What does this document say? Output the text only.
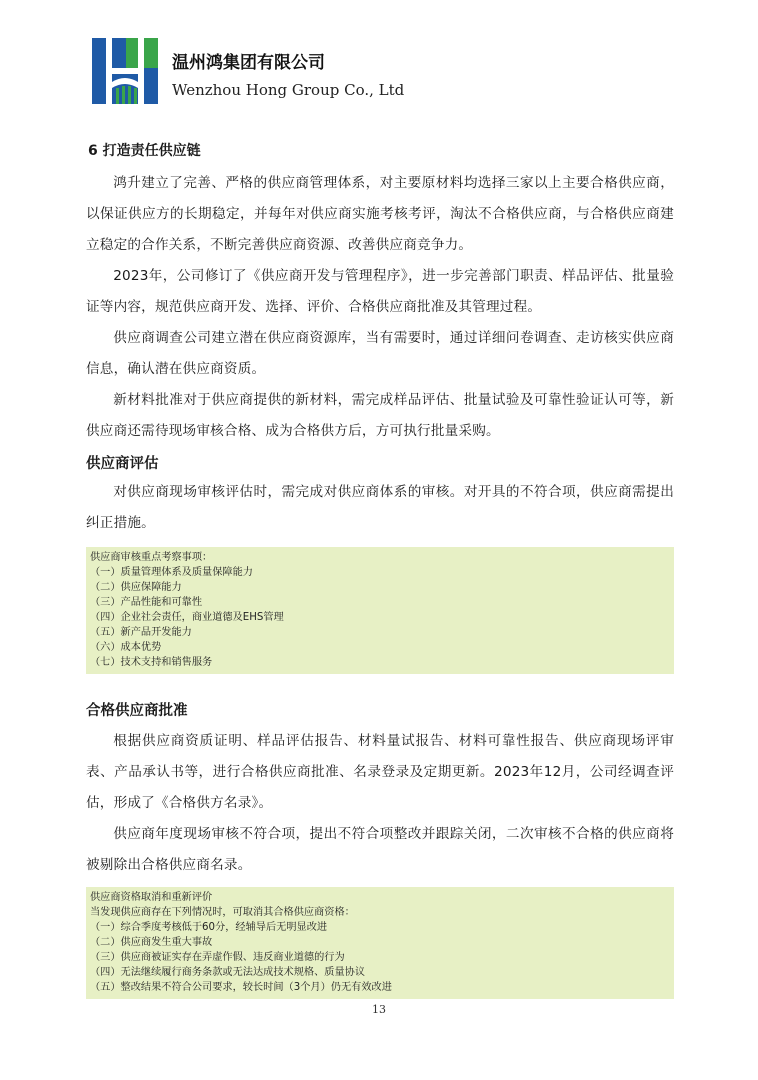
温州鸿集团有限公司
Wenzhou Hong Group Co., Ltd
6 打造责任供应链

鸿升建立了完善、严格的供应商管理体系，对主要原材料均选择三家以上主要合格供应商，以保证供应方的长期稳定，并每年对供应商实施考核考评，淘汰不合格供应商，与合格供应商建立稳定的合作关系，不断完善供应商资源、改善供应商竞争力。

2023年，公司修订了《供应商开发与管理程序》，进一步完善部门职责、样品评估、批量验证等内容，规范供应商开发、选择、评价、合格供应商批准及其管理过程。

供应商调查公司建立潜在供应商资源库，当有需要时，通过详细问卷调查、走访核实供应商信息，确认潜在供应商资质。

新材料批准对于供应商提供的新材料，需完成样品评估、批量试验及可靠性验证认可等，新供应商还需待现场审核合格、成为合格供方后，方可执行批量采购。

供应商评估

对供应商现场审核评估时，需完成对供应商体系的审核。对开具的不符合项，供应商需提出纠正措施。

供应商审核重点考察事项：
（一）质量管理体系及质量保障能力
（二）供应保障能力
（三）产品性能和可靠性
（四）企业社会责任，商业道德及EHS管理
（五）新产品开发能力
（六）成本优势
（七）技术支持和销售服务
合格供应商批准

根据供应商资质证明、样品评估报告、材料量试报告、材料可靠性报告、供应商现场评审表、产品承认书等，进行合格供应商批准、名录登录及定期更新。2023年12月，公司经调查评估，形成了《合格供方名录》。

供应商年度现场审核不符合项，提出不符合项整改并跟踪关闭，二次审核不合格的供应商将被剔除出合格供应商名录。

供应商资格取消和重新评价
当发现供应商存在下列情况时，可取消其合格供应商资格：
（一）综合季度考核低于60分，经辅导后无明显改进
（二）供应商发生重大事故
（三）供应商被证实存在弄虚作假、违反商业道德的行为
（四）无法继续履行商务条款或无法达成技术规格、质量协议
（五）整改结果不符合公司要求，较长时间（3个月）仍无有效改进
13
